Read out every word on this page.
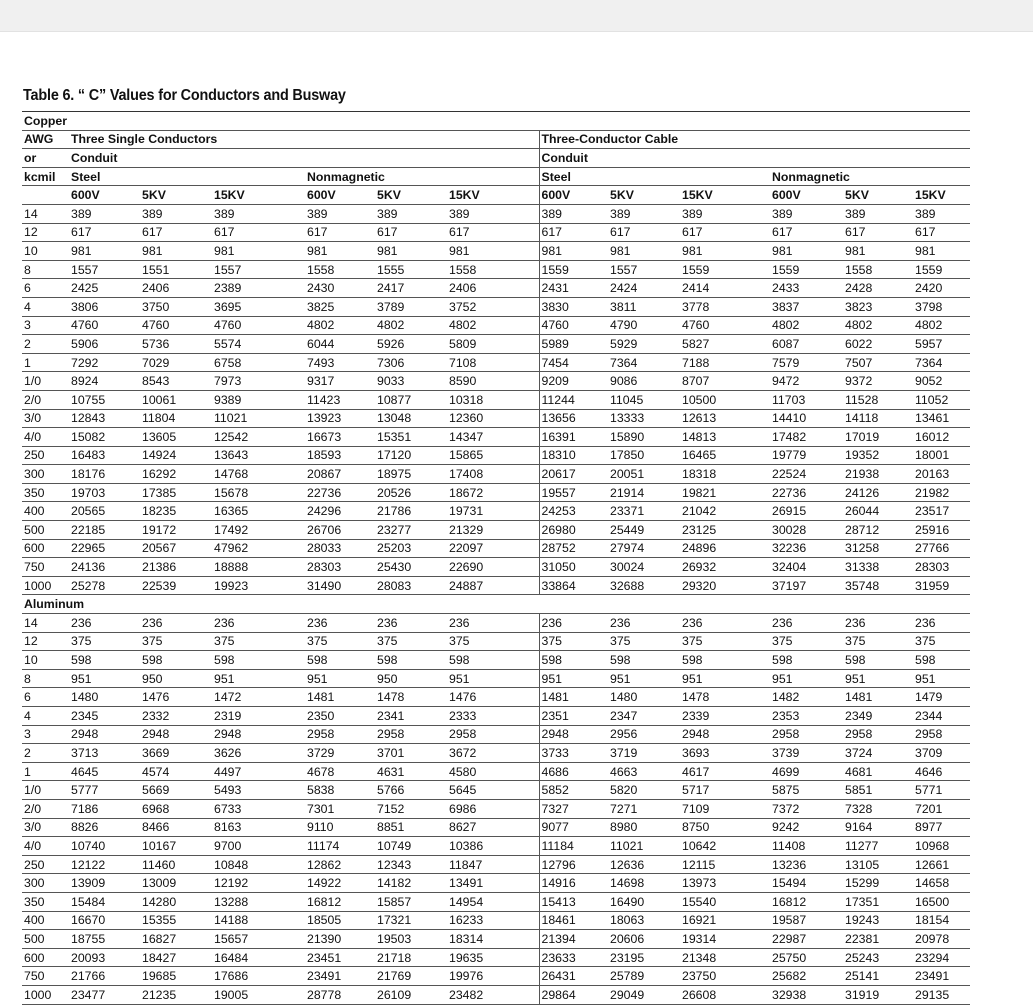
Table 6. “ C” Values for Conductors and Busway
Copper												
AWG	Three Single Conductors						Three-Conductor Cable					
or	Conduit						Conduit					
kcmil	Steel			Nonmagnetic			Steel			Nonmagnetic		
	600V	5KV	15KV	600V	5KV	15KV	600V	5KV	15KV	600V	5KV	15KV
14	389	389	389	389	389	389	389	389	389	389	389	389
12	617	617	617	617	617	617	617	617	617	617	617	617
10	981	981	981	981	981	981	981	981	981	981	981	981
8	1557	1551	1557	1558	1555	1558	1559	1557	1559	1559	1558	1559
6	2425	2406	2389	2430	2417	2406	2431	2424	2414	2433	2428	2420
4	3806	3750	3695	3825	3789	3752	3830	3811	3778	3837	3823	3798
3	4760	4760	4760	4802	4802	4802	4760	4790	4760	4802	4802	4802
2	5906	5736	5574	6044	5926	5809	5989	5929	5827	6087	6022	5957
1	7292	7029	6758	7493	7306	7108	7454	7364	7188	7579	7507	7364
1/0	8924	8543	7973	9317	9033	8590	9209	9086	8707	9472	9372	9052
2/0	10755	10061	9389	11423	10877	10318	11244	11045	10500	11703	11528	11052
3/0	12843	11804	11021	13923	13048	12360	13656	13333	12613	14410	14118	13461
4/0	15082	13605	12542	16673	15351	14347	16391	15890	14813	17482	17019	16012
250	16483	14924	13643	18593	17120	15865	18310	17850	16465	19779	19352	18001
300	18176	16292	14768	20867	18975	17408	20617	20051	18318	22524	21938	20163
350	19703	17385	15678	22736	20526	18672	19557	21914	19821	22736	24126	21982
400	20565	18235	16365	24296	21786	19731	24253	23371	21042	26915	26044	23517
500	22185	19172	17492	26706	23277	21329	26980	25449	23125	30028	28712	25916
600	22965	20567	47962	28033	25203	22097	28752	27974	24896	32236	31258	27766
750	24136	21386	18888	28303	25430	22690	31050	30024	26932	32404	31338	28303
1000	25278	22539	19923	31490	28083	24887	33864	32688	29320	37197	35748	31959
Aluminum												
14	236	236	236	236	236	236	236	236	236	236	236	236
12	375	375	375	375	375	375	375	375	375	375	375	375
10	598	598	598	598	598	598	598	598	598	598	598	598
8	951	950	951	951	950	951	951	951	951	951	951	951
6	1480	1476	1472	1481	1478	1476	1481	1480	1478	1482	1481	1479
4	2345	2332	2319	2350	2341	2333	2351	2347	2339	2353	2349	2344
3	2948	2948	2948	2958	2958	2958	2948	2956	2948	2958	2958	2958
2	3713	3669	3626	3729	3701	3672	3733	3719	3693	3739	3724	3709
1	4645	4574	4497	4678	4631	4580	4686	4663	4617	4699	4681	4646
1/0	5777	5669	5493	5838	5766	5645	5852	5820	5717	5875	5851	5771
2/0	7186	6968	6733	7301	7152	6986	7327	7271	7109	7372	7328	7201
3/0	8826	8466	8163	9110	8851	8627	9077	8980	8750	9242	9164	8977
4/0	10740	10167	9700	11174	10749	10386	11184	11021	10642	11408	11277	10968
250	12122	11460	10848	12862	12343	11847	12796	12636	12115	13236	13105	12661
300	13909	13009	12192	14922	14182	13491	14916	14698	13973	15494	15299	14658
350	15484	14280	13288	16812	15857	14954	15413	16490	15540	16812	17351	16500
400	16670	15355	14188	18505	17321	16233	18461	18063	16921	19587	19243	18154
500	18755	16827	15657	21390	19503	18314	21394	20606	19314	22987	22381	20978
600	20093	18427	16484	23451	21718	19635	23633	23195	21348	25750	25243	23294
750	21766	19685	17686	23491	21769	19976	26431	25789	23750	25682	25141	23491
1000	23477	21235	19005	28778	26109	23482	29864	29049	26608	32938	31919	29135
